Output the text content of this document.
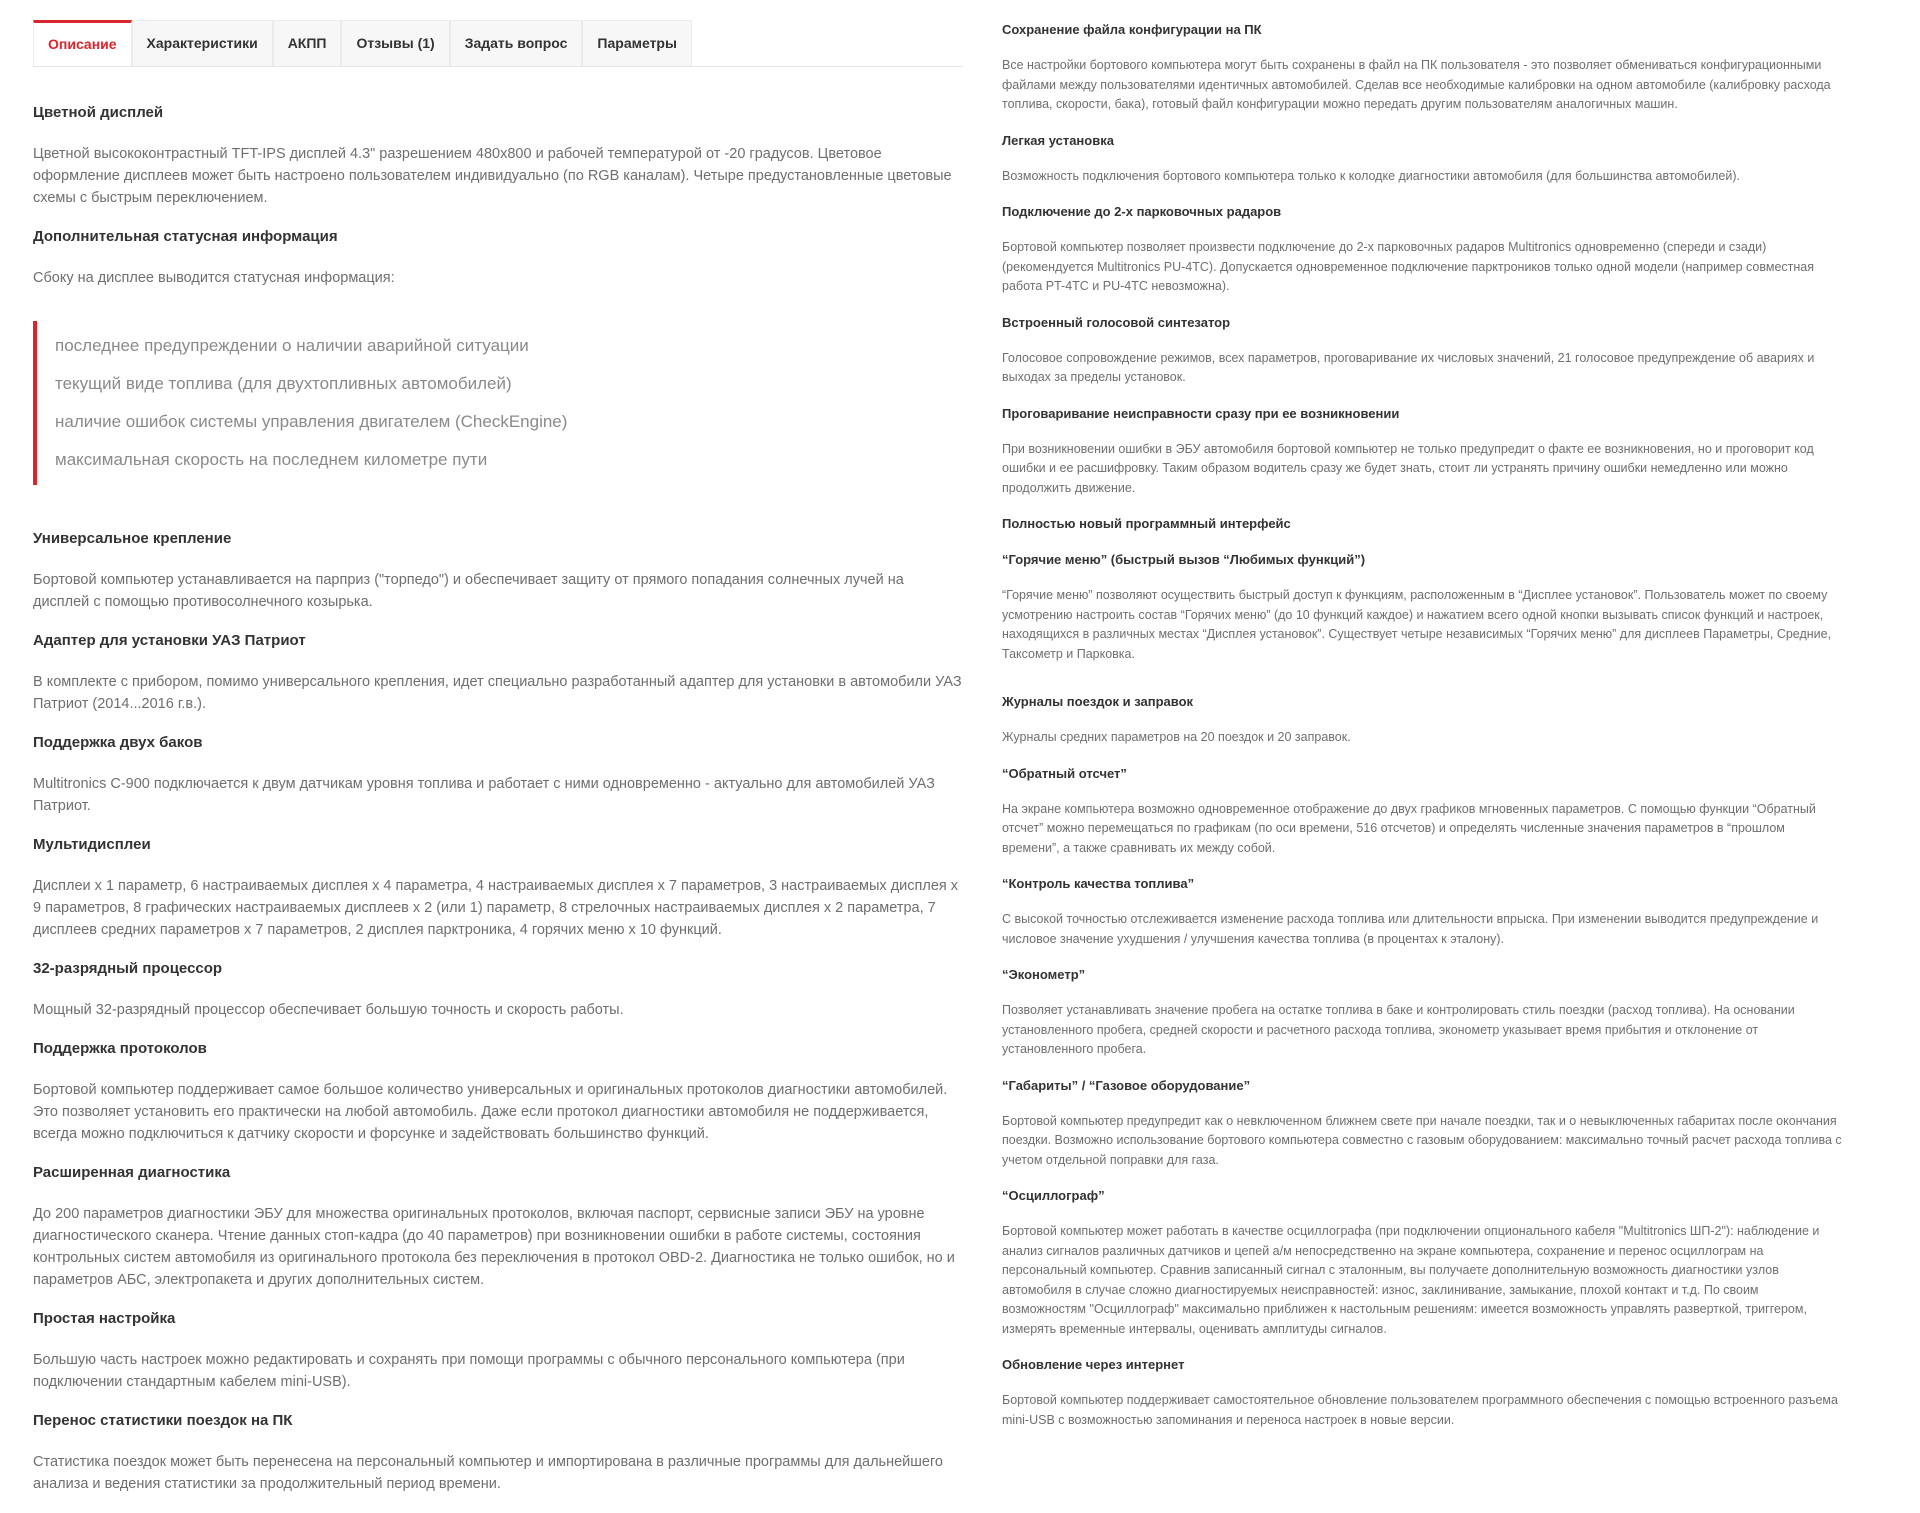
Описание	Характеристики	АКПП	Отзывы (1)	Задать вопрос	Параметры

Цветной дисплей

Цветной высококонтрастный TFT-IPS дисплей 4.3" разрешением 480x800 и рабочей температурой от -20 градусов. Цветовое оформление дисплеев может быть настроено пользователем индивидуально (по RGB каналам). Четыре предустановленные цветовые схемы с быстрым переключением.

Дополнительная статусная информация

Сбоку на дисплее выводится статусная информация:

последнее предупреждении о наличии аварийной ситуации
текущий виде топлива (для двухтопливных автомобилей)
наличие ошибок системы управления двигателем (CheckEngine)
максимальная скорость на последнем километре пути

Универсальное крепление

Бортовой компьютер устанавливается на парприз ("торпедо") и обеспечивает защиту от прямого попадания солнечных лучей на дисплей с помощью противосолнечного козырька.

Адаптер для установки УАЗ Патриот

В комплекте с прибором, помимо универсального крепления, идет специально разработанный адаптер для установки в автомобили УАЗ Патриот (2014...2016 г.в.).

Поддержка двух баков

Multitronics C-900 подключается к двум датчикам уровня топлива и работает с ними одновременно - актуально для автомобилей УАЗ Патриот.

Мультидисплеи

Дисплеи х 1 параметр, 6 настраиваемых дисплея х 4 параметра, 4 настраиваемых дисплея х 7 параметров, 3 настраиваемых дисплея х 9 параметров, 8 графических настраиваемых дисплеев х 2 (или 1) параметр, 8 стрелочных настраиваемых дисплея х 2 параметра, 7 дисплеев средних параметров х 7 параметров, 2 дисплея парктроника, 4 горячих меню х 10 функций.

32-разрядный процессор

Мощный 32-разрядный процессор обеспечивает большую точность и скорость работы.

Поддержка протоколов

Бортовой компьютер поддерживает самое большое количество универсальных и оригинальных протоколов диагностики автомобилей. Это позволяет установить его практически на любой автомобиль. Даже если протокол диагностики автомобиля не поддерживается, всегда можно подключиться к датчику скорости и форсунке и задействовать большинство функций.

Расширенная диагностика

До 200 параметров диагностики ЭБУ для множества оригинальных протоколов, включая паспорт, сервисные записи ЭБУ на уровне диагностического сканера. Чтение данных стоп-кадра (до 40 параметров) при возникновении ошибки в работе системы, состояния контрольных систем автомобиля из оригинального протокола без переключения в протокол OBD-2. Диагностика не только ошибок, но и параметров АБС, электропакета и других дополнительных систем.

Простая настройка

Большую часть настроек можно редактировать и сохранять при помощи программы с обычного персонального компьютера (при подключении стандартным кабелем mini-USB).

Перенос статистики поездок на ПК

Статистика поездок может быть перенесена на персональный компьютер и импортирована в различные программы для дальнейшего анализа и ведения статистики за продолжительный период времени.

Сохранение файла конфигурации на ПК

Все настройки бортового компьютера могут быть сохранены в файл на ПК пользователя - это позволяет обмениваться конфигурационными файлами между пользователями идентичных автомобилей. Сделав все необходимые калибровки на одном автомобиле (калибровку расхода топлива, скорости, бака), готовый файл конфигурации можно передать другим пользователям аналогичных машин.

Легкая установка

Возможность подключения бортового компьютера только к колодке диагностики автомобиля (для большинства автомобилей).

Подключение до 2-х парковочных радаров

Бортовой компьютер позволяет произвести подключение до 2-х парковочных радаров Multitronics одновременно (спереди и сзади) (рекомендуется Multitronics PU-4TC). Допускается одновременное подключение парктроников только одной модели (например совместная работа PT-4TC и PU-4TC невозможна).

Встроенный голосовой синтезатор

Голосовое сопровождение режимов, всех параметров, проговаривание их числовых значений, 21 голосовое предупреждение об авариях и выходах за пределы установок.

Проговаривание неисправности сразу при ее возникновении

При возникновении ошибки в ЭБУ автомобиля бортовой компьютер не только предупредит о факте ее возникновения, но и проговорит код ошибки и ее расшифровку. Таким образом водитель сразу же будет знать, стоит ли устранять причину ошибки немедленно или можно продолжить движение.

Полностью новый программный интерфейс

“Горячие меню” (быстрый вызов “Любимых функций”)

“Горячие меню” позволяют осуществить быстрый доступ к функциям, расположенным в “Дисплее установок”. Пользователь может по своему усмотрению настроить состав “Горячих меню” (до 10 функций каждое) и нажатием всего одной кнопки вызывать список функций и настроек, находящихся в различных местах “Дисплея установок”. Существует четыре независимых “Горячих меню” для дисплеев Параметры, Средние, Таксометр и Парковка.

Журналы поездок и заправок

Журналы средних параметров на 20 поездок и 20 заправок.

“Обратный отсчет”

На экране компьютера возможно одновременное отображение до двух графиков мгновенных параметров. С помощью функции “Обратный отсчет” можно перемещаться по графикам (по оси времени, 516 отсчетов) и определять численные значения параметров в “прошлом времени”, а также сравнивать их между собой.

“Контроль качества топлива”

С высокой точностью отслеживается изменение расхода топлива или длительности впрыска. При изменении выводится предупреждение и числовое значение ухудшения / улучшения качества топлива (в процентах к эталону).

“Эконометр”

Позволяет устанавливать значение пробега на остатке топлива в баке и контролировать стиль поездки (расход топлива). На основании установленного пробега, средней скорости и расчетного расхода топлива, эконометр указывает время прибытия и отклонение от установленного пробега.

“Габариты” / “Газовое оборудование”

Бортовой компьютер предупредит как о невключенном ближнем свете при начале поездки, так и о невыключенных габаритах после окончания поездки. Возможно использование бортового компьютера совместно с газовым оборудованием: максимально точный расчет расхода топлива с учетом отдельной поправки для газа.

“Осциллограф”

Бортовой компьютер может работать в качестве осциллографа (при подключении опционального кабеля "Multitronics ШП-2"): наблюдение и анализ сигналов различных датчиков и цепей а/м непосредственно на экране компьютера, сохранение и перенос осциллограм на персональный компьютер. Сравнив записанный сигнал с эталонным, вы получаете дополнительную возможность диагностики узлов автомобиля в случае сложно диагностируемых неисправностей: износ, заклинивание, замыкание, плохой контакт и т.д. По своим возможностям "Осциллограф" максимально приближен к настольным решениям: имеется возможность управлять разверткой, триггером, измерять временные интервалы, оценивать амплитуды сигналов.

Обновление через интернет

Бортовой компьютер поддерживает самостоятельное обновление пользователем программного обеспечения с помощью встроенного разъема mini-USB с возможностью запоминания и переноса настроек в новые версии.
